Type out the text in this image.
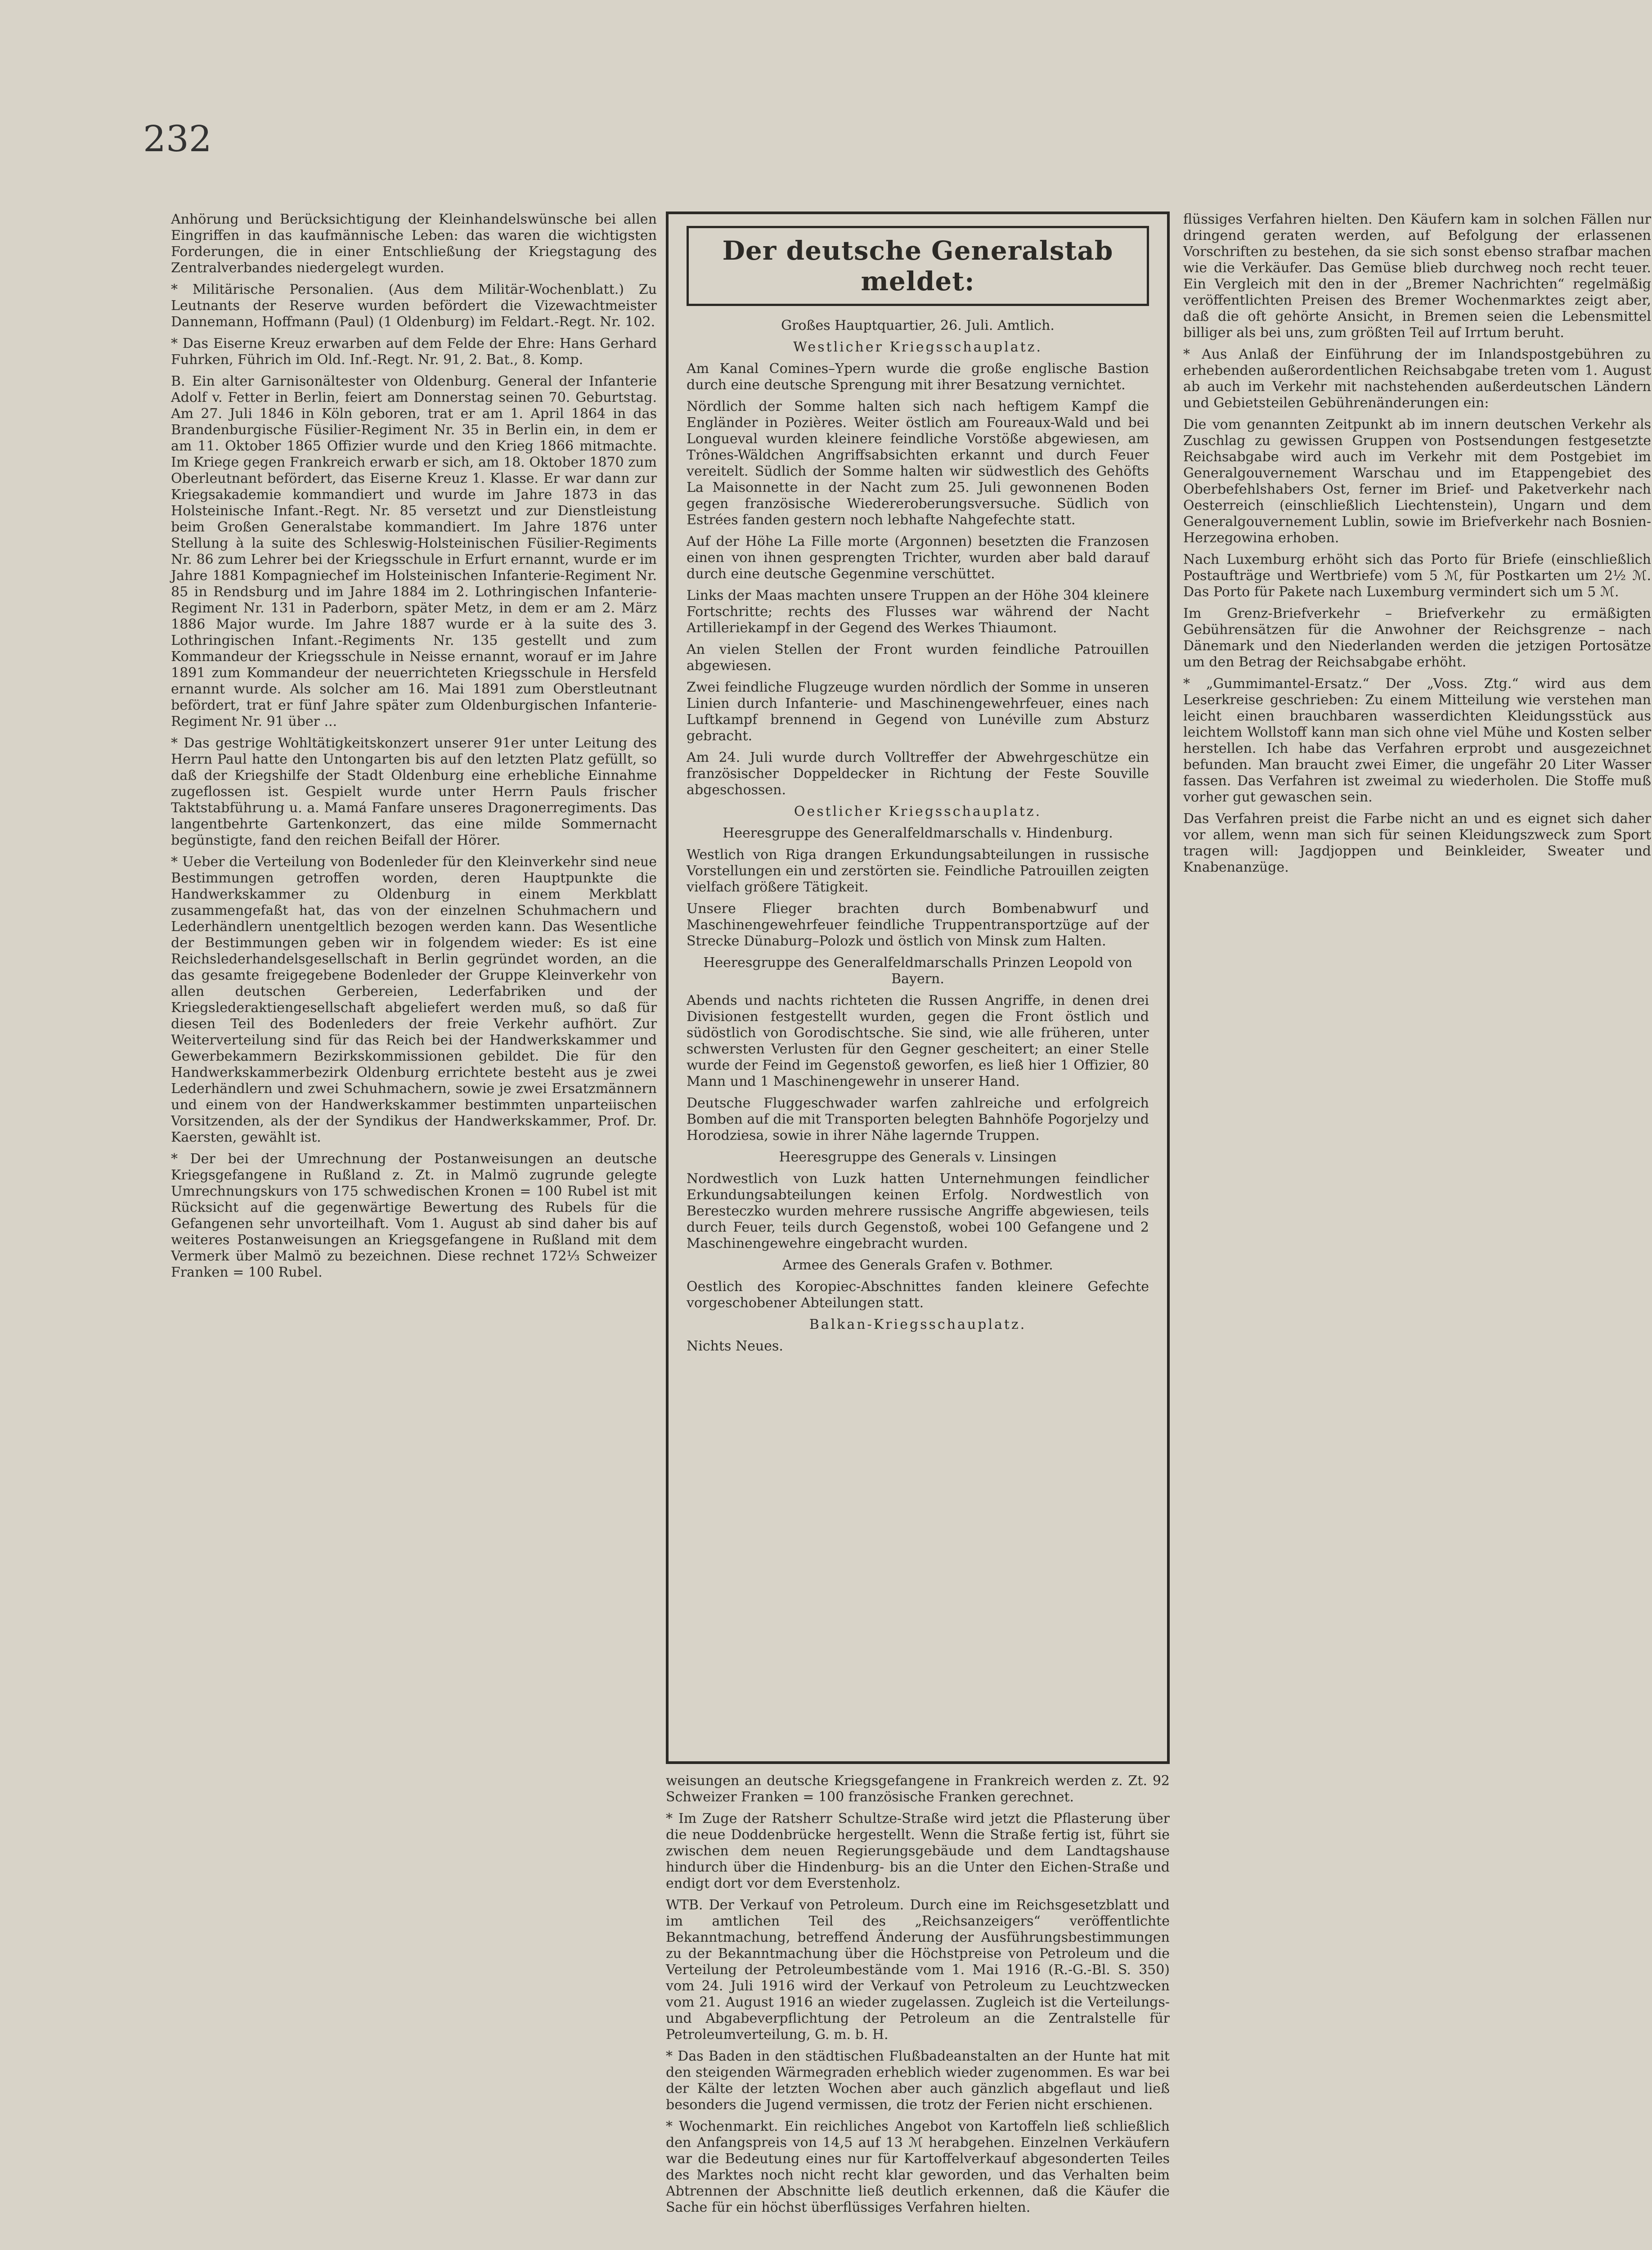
232

Anhörung und Berücksichtigung der Kleinhandelswünsche bei allen Eingriffen in das kaufmännische Leben: das waren die wichtigsten Forderungen, die in einer Entschließung der Kriegstagung des Zentralverbandes niedergelegt wurden.

* Militärische Personalien. (Aus dem Militär-Wochenblatt.) Zu Leutnants der Reserve wurden befördert die Vizewachtmeister Dannemann, Hoffmann (Paul) (1 Oldenburg) im Feldart.-Regt. Nr. 102.

* Das Eiserne Kreuz erwarben auf dem Felde der Ehre: Hans Gerhard Fuhrken, Führich im Old. Inf.-Regt. Nr. 91, 2. Bat., 8. Komp.

B. Ein alter Garnisonältester von Oldenburg. General der Infanterie Adolf v. Fetter in Berlin, feiert am Donnerstag seinen 70. Geburtstag. Am 27. Juli 1846 in Köln geboren, trat er am 1. April 1864 in das Brandenburgische Füsilier-Regiment Nr. 35 in Berlin ein, in dem er am 11. Oktober 1865 Offizier wurde und den Krieg 1866 mitmachte. Im Kriege gegen Frankreich erwarb er sich, am 18. Oktober 1870 zum Oberleutnant befördert, das Eiserne Kreuz 1. Klasse. Er war dann zur Kriegsakademie kommandiert und wurde im Jahre 1873 in das Holsteinische Infant.-Regt. Nr. 85 versetzt und zur Dienstleistung beim Großen Generalstabe kommandiert. Im Jahre 1876 unter Stellung à la suite des Schleswig-Holsteinischen Füsilier-Regiments Nr. 86 zum Lehrer bei der Kriegsschule in Erfurt ernannt, wurde er im Jahre 1881 Kompagniechef im Holsteinischen Infanterie-Regiment Nr. 85 in Rendsburg und im Jahre 1884 im 2. Lothringischen Infanterie-Regiment Nr. 131 in Paderborn, später Metz, in dem er am 2. März 1886 Major wurde. Im Jahre 1887 wurde er à la suite des 3. Lothringischen Infant.-Regiments Nr. 135 gestellt und zum Kommandeur der Kriegsschule in Neisse ernannt, worauf er im Jahre 1891 zum Kommandeur der neuerrichteten Kriegsschule in Hersfeld ernannt wurde. Als solcher am 16. Mai 1891 zum Oberstleutnant befördert, trat er fünf Jahre später zum Oldenburgischen Infanterie-Regiment Nr. 91 über ...

* Das gestrige Wohltätigkeitskonzert unserer 91er unter Leitung des Herrn Paul hatte den Untongarten bis auf den letzten Platz gefüllt, so daß der Kriegshilfe der Stadt Oldenburg eine erhebliche Einnahme zugeflossen ist. Gespielt wurde unter Herrn Pauls frischer Taktstabführung u. a. Mamá Fanfare unseres Dragonerregiments. Das langentbehrte Gartenkonzert, das eine milde Sommernacht begünstigte, fand den reichen Beifall der Hörer.

* Ueber die Verteilung von Bodenleder für den Kleinverkehr sind neue Bestimmungen getroffen worden, deren Hauptpunkte die Handwerkskammer zu Oldenburg in einem Merkblatt zusammengefaßt hat, das von der einzelnen Schuhmachern und Lederhändlern unentgeltlich bezogen werden kann. Das Wesentliche der Bestimmungen geben wir in folgendem wieder: Es ist eine Reichslederhandelsgesellschaft in Berlin gegründet worden, an die das gesamte freigegebene Bodenleder der Gruppe Kleinverkehr von allen deutschen Gerbereien, Lederfabriken und der Kriegslederaktiengesellschaft abgeliefert werden muß, so daß für diesen Teil des Bodenleders der freie Verkehr aufhört. Zur Weiterverteilung sind für das Reich bei der Handwerkskammer und Gewerbekammern Bezirkskommissionen gebildet. Die für den Handwerkskammerbezirk Oldenburg errichtete besteht aus je zwei Lederhändlern und zwei Schuhmachern, sowie je zwei Ersatzmännern und einem von der Handwerkskammer bestimmten unparteiischen Vorsitzenden, als der der Syndikus der Handwerkskammer, Prof. Dr. Kaersten, gewählt ist.

* Der bei der Umrechnung der Postanweisungen an deutsche Kriegsgefangene in Rußland z. Zt. in Malmö zugrunde gelegte Umrechnungskurs von 175 schwedischen Kronen = 100 Rubel ist mit Rücksicht auf die gegenwärtige Bewertung des Rubels für die Gefangenen sehr unvorteilhaft. Vom 1. August ab sind daher bis auf weiteres Postanweisungen an Kriegsgefangene in Rußland mit dem Vermerk über Malmö zu bezeichnen. Diese rechnet 172⅓ Schweizer Franken = 100 Rubel.

Der deutsche Generalstab meldet:

Großes Hauptquartier, 26. Juli. Amtlich.

Westlicher Kriegsschauplatz.

Am Kanal Comines–Ypern wurde die große englische Bastion durch eine deutsche Sprengung mit ihrer Besatzung vernichtet.

Nördlich der Somme halten sich nach heftigem Kampf die Engländer in Pozières. Weiter östlich am Foureaux-Wald und bei Longueval wurden kleinere feindliche Vorstöße abgewiesen, am Trônes-Wäldchen Angriffsabsichten erkannt und durch Feuer vereitelt. Südlich der Somme halten wir südwestlich des Gehöfts La Maisonnette in der Nacht zum 25. Juli gewonnenen Boden gegen französische Wiedereroberungsversuche. Südlich von Estrées fanden gestern noch lebhafte Nahgefechte statt.

Auf der Höhe La Fille morte (Argonnen) besetzten die Franzosen einen von ihnen gesprengten Trichter, wurden aber bald darauf durch eine deutsche Gegenmine verschüttet.

Links der Maas machten unsere Truppen an der Höhe 304 kleinere Fortschritte; rechts des Flusses war während der Nacht Artilleriekampf in der Gegend des Werkes Thiaumont.

An vielen Stellen der Front wurden feindliche Patrouillen abgewiesen.

Zwei feindliche Flugzeuge wurden nördlich der Somme in unseren Linien durch Infanterie- und Maschinengewehrfeuer, eines nach Luftkampf brennend in Gegend von Lunéville zum Absturz gebracht.

Am 24. Juli wurde durch Volltreffer der Abwehrgeschütze ein französischer Doppeldecker in Richtung der Feste Souville abgeschossen.

Oestlicher Kriegsschauplatz.

Heeresgruppe des Generalfeldmarschalls v. Hindenburg.

Westlich von Riga drangen Erkundungsabteilungen in russische Vorstellungen ein und zerstörten sie. Feindliche Patrouillen zeigten vielfach größere Tätigkeit.

Unsere Flieger brachten durch Bombenabwurf und Maschinengewehrfeuer feindliche Truppentransportzüge auf der Strecke Dünaburg–Polozk und östlich von Minsk zum Halten.

Heeresgruppe des Generalfeldmarschalls Prinzen Leopold von Bayern.

Abends und nachts richteten die Russen Angriffe, in denen drei Divisionen festgestellt wurden, gegen die Front östlich und südöstlich von Gorodischtsche. Sie sind, wie alle früheren, unter schwersten Verlusten für den Gegner gescheitert; an einer Stelle wurde der Feind im Gegenstoß geworfen, es ließ hier 1 Offizier, 80 Mann und 1 Maschinengewehr in unserer Hand.

Deutsche Fluggeschwader warfen zahlreiche und erfolgreich Bomben auf die mit Transporten belegten Bahnhöfe Pogorjelzy und Horodziesa, sowie in ihrer Nähe lagernde Truppen.

Heeresgruppe des Generals v. Linsingen

Nordwestlich von Luzk hatten Unternehmungen feindlicher Erkundungsabteilungen keinen Erfolg. Nordwestlich von Beresteczko wurden mehrere russische Angriffe abgewiesen, teils durch Feuer, teils durch Gegenstoß, wobei 100 Gefangene und 2 Maschinengewehre eingebracht wurden.

Armee des Generals Grafen v. Bothmer.

Oestlich des Koropiec-Abschnittes fanden kleinere Gefechte vorgeschobener Abteilungen statt.

Balkan-Kriegsschauplatz.

Nichts Neues.

weisungen an deutsche Kriegsgefangene in Frankreich werden z. Zt. 92 Schweizer Franken = 100 französische Franken gerechnet.

* Im Zuge der Ratsherr Schultze-Straße wird jetzt die Pflasterung über die neue Doddenbrücke hergestellt. Wenn die Straße fertig ist, führt sie zwischen dem neuen Regierungsgebäude und dem Landtagshause hindurch über die Hindenburg- bis an die Unter den Eichen-Straße und endigt dort vor dem Everstenholz.

WTB. Der Verkauf von Petroleum. Durch eine im Reichsgesetzblatt und im amtlichen Teil des „Reichsanzeigers“ veröffentlichte Bekanntmachung, betreffend Änderung der Ausführungsbestimmungen zu der Bekanntmachung über die Höchstpreise von Petroleum und die Verteilung der Petroleumbestände vom 1. Mai 1916 (R.-G.-Bl. S. 350) vom 24. Juli 1916 wird der Verkauf von Petroleum zu Leuchtzwecken vom 21. August 1916 an wieder zugelassen. Zugleich ist die Verteilungs- und Abgabeverpflichtung der Petroleum an die Zentralstelle für Petroleumverteilung, G. m. b. H.

* Das Baden in den städtischen Flußbadeanstalten an der Hunte hat mit den steigenden Wärmegraden erheblich wieder zugenommen. Es war bei der Kälte der letzten Wochen aber auch gänzlich abgeflaut und ließ besonders die Jugend vermissen, die trotz der Ferien nicht erschienen.

* Wochenmarkt. Ein reichliches Angebot von Kartoffeln ließ schließlich den Anfangspreis von 14,5 auf 13 ℳ herabgehen. Einzelnen Verkäufern war die Bedeutung eines nur für Kartoffelverkauf abgesonderten Teiles des Marktes noch nicht recht klar geworden, und das Verhalten beim Abtrennen der Abschnitte ließ deutlich erkennen, daß die Käufer die Sache für ein höchst überflüssiges Verfahren hielten.

flüssiges Verfahren hielten. Den Käufern kam in solchen Fällen nur dringend geraten werden, auf Befolgung der erlassenen Vorschriften zu bestehen, da sie sich sonst ebenso strafbar machen wie die Verkäufer. Das Gemüse blieb durchweg noch recht teuer. Ein Vergleich mit den in der „Bremer Nachrichten“ regelmäßig veröffentlichten Preisen des Bremer Wochenmarktes zeigt aber, daß die oft gehörte Ansicht, in Bremen seien die Lebensmittel billiger als bei uns, zum größten Teil auf Irrtum beruht.

* Aus Anlaß der Einführung der im Inlandspostgebühren zu erhebenden außerordentlichen Reichsabgabe treten vom 1. August ab auch im Verkehr mit nachstehenden außerdeutschen Ländern und Gebietsteilen Gebührenänderungen ein:

Die vom genannten Zeitpunkt ab im innern deutschen Verkehr als Zuschlag zu gewissen Gruppen von Postsendungen festgesetzte Reichsabgabe wird auch im Verkehr mit dem Postgebiet im Generalgouvernement Warschau und im Etappengebiet des Oberbefehlshabers Ost, ferner im Brief- und Paketverkehr nach Oesterreich (einschließlich Liechtenstein), Ungarn und dem Generalgouvernement Lublin, sowie im Briefverkehr nach Bosnien-Herzegowina erhoben.

Nach Luxemburg erhöht sich das Porto für Briefe (einschließlich Postaufträge und Wertbriefe) vom 5 ℳ, für Postkarten um 2½ ℳ. Das Porto für Pakete nach Luxemburg vermindert sich um 5 ℳ.

Im Grenz-Briefverkehr – Briefverkehr zu ermäßigten Gebührensätzen für die Anwohner der Reichsgrenze – nach Dänemark und den Niederlanden werden die jetzigen Portosätze um den Betrag der Reichsabgabe erhöht.

* „Gummimantel-Ersatz.“ Der „Voss. Ztg.“ wird aus dem Leserkreise geschrieben: Zu einem Mitteilung wie verstehen man leicht einen brauchbaren wasserdichten Kleidungsstück aus leichtem Wollstoff kann man sich ohne viel Mühe und Kosten selber herstellen. Ich habe das Verfahren erprobt und ausgezeichnet befunden. Man braucht zwei Eimer, die ungefähr 20 Liter Wasser fassen. Das Verfahren ist zweimal zu wiederholen. Die Stoffe muß vorher gut gewaschen sein.

Das Verfahren preist die Farbe nicht an und es eignet sich daher vor allem, wenn man sich für seinen Kleidungszweck zum Sport tragen will: Jagdjoppen und Beinkleider, Sweater und Knabenanzüge.
